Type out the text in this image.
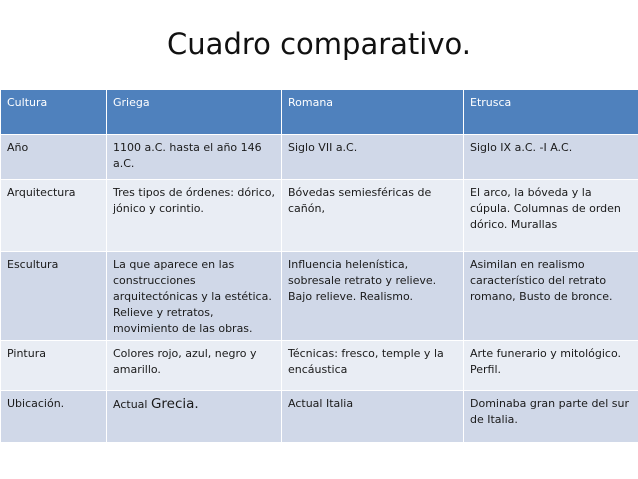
Cuadro comparativo.
Cultura	Griega	Romana	Etrusca
Año	1100 a.C. hasta el año 146 a.C.	Siglo VII a.C.	Siglo IX a.C. -I A.C.
Arquitectura	Tres tipos de órdenes: dórico, jónico y corintio.	Bóvedas semiesféricas de cañón,	El arco, la bóveda y la cúpula. Columnas de orden dórico. Murallas
Escultura	La que aparece en las construcciones arquitectónicas y la estética. Relieve y retratos, movimiento de las obras.	Influencia helenística, sobresale retrato y relieve. Bajo relieve. Realismo.	Asimilan en realismo característico del retrato romano, Busto de bronce.
Pintura	Colores rojo, azul, negro y amarillo.	Técnicas: fresco, temple y la encáustica	Arte funerario y mitológico. Perfil.
Ubicación.	Actual Grecia.	Actual Italia	Dominaba gran parte del sur de Italia.
